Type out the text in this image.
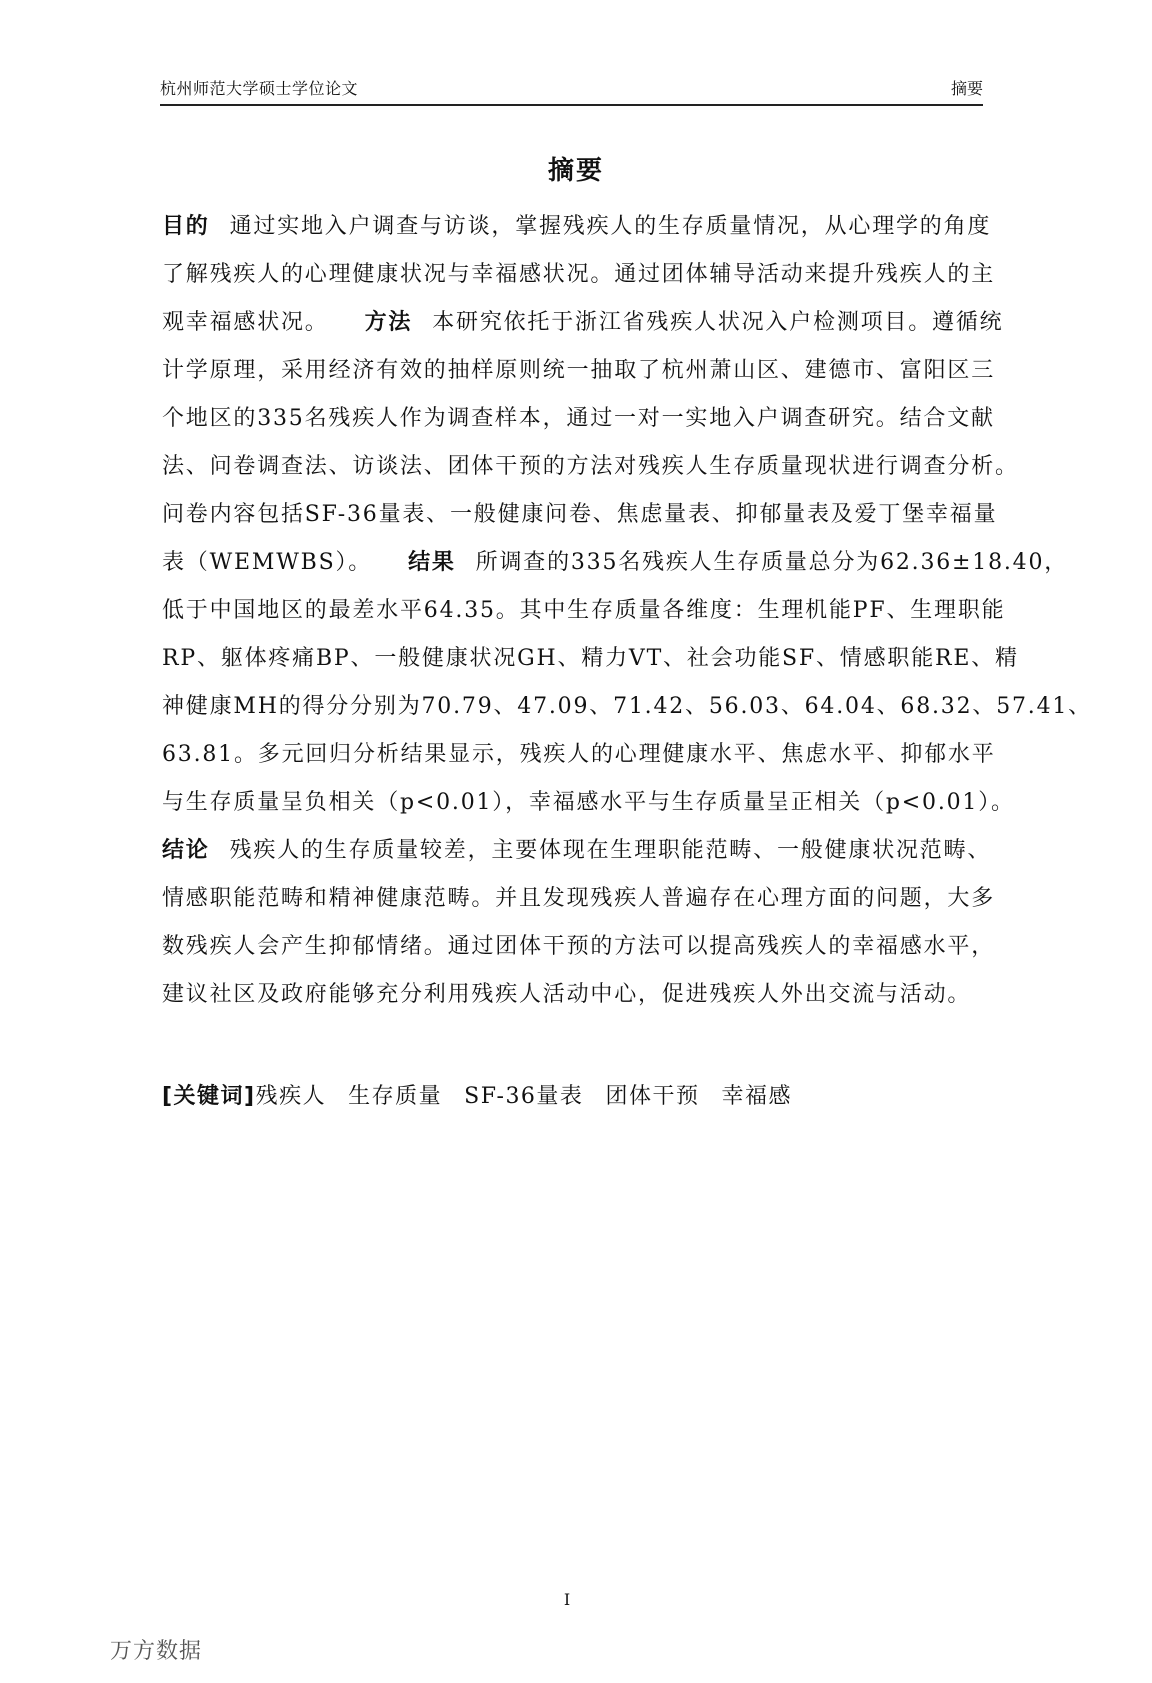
杭州师范大学硕士学位论文	摘要
摘要
目的 通过实地入户调查与访谈，掌握残疾人的生存质量情况，从心理学的角度
了解残疾人的心理健康状况与幸福感状况。通过团体辅导活动来提升残疾人的主
观幸福感状况。 方法 本研究依托于浙江省残疾人状况入户检测项目。遵循统
计学原理，采用经济有效的抽样原则统一抽取了杭州萧山区、建德市、富阳区三
个地区的335名残疾人作为调查样本，通过一对一实地入户调查研究。结合文献
法、问卷调查法、访谈法、团体干预的方法对残疾人生存质量现状进行调查分析。
问卷内容包括SF-36量表、一般健康问卷、焦虑量表、抑郁量表及爱丁堡幸福量
表（WEMWBS）。 结果 所调查的335名残疾人生存质量总分为62.36±18.40，
低于中国地区的最差水平64.35。其中生存质量各维度：生理机能PF、生理职能
RP、躯体疼痛BP、一般健康状况GH、精力VT、社会功能SF、情感职能RE、精
神健康MH的得分分别为70.79、47.09、71.42、56.03、64.04、68.32、57.41、
63.81。多元回归分析结果显示，残疾人的心理健康水平、焦虑水平、抑郁水平
与生存质量呈负相关（p<0.01），幸福感水平与生存质量呈正相关（p<0.01）。
结论 残疾人的生存质量较差，主要体现在生理职能范畴、一般健康状况范畴、
情感职能范畴和精神健康范畴。并且发现残疾人普遍存在心理方面的问题，大多
数残疾人会产生抑郁情绪。通过团体干预的方法可以提高残疾人的幸福感水平，
建议社区及政府能够充分利用残疾人活动中心，促进残疾人外出交流与活动。
[关键词]残疾人 生存质量 SF-36量表 团体干预 幸福感
I
万方数据
